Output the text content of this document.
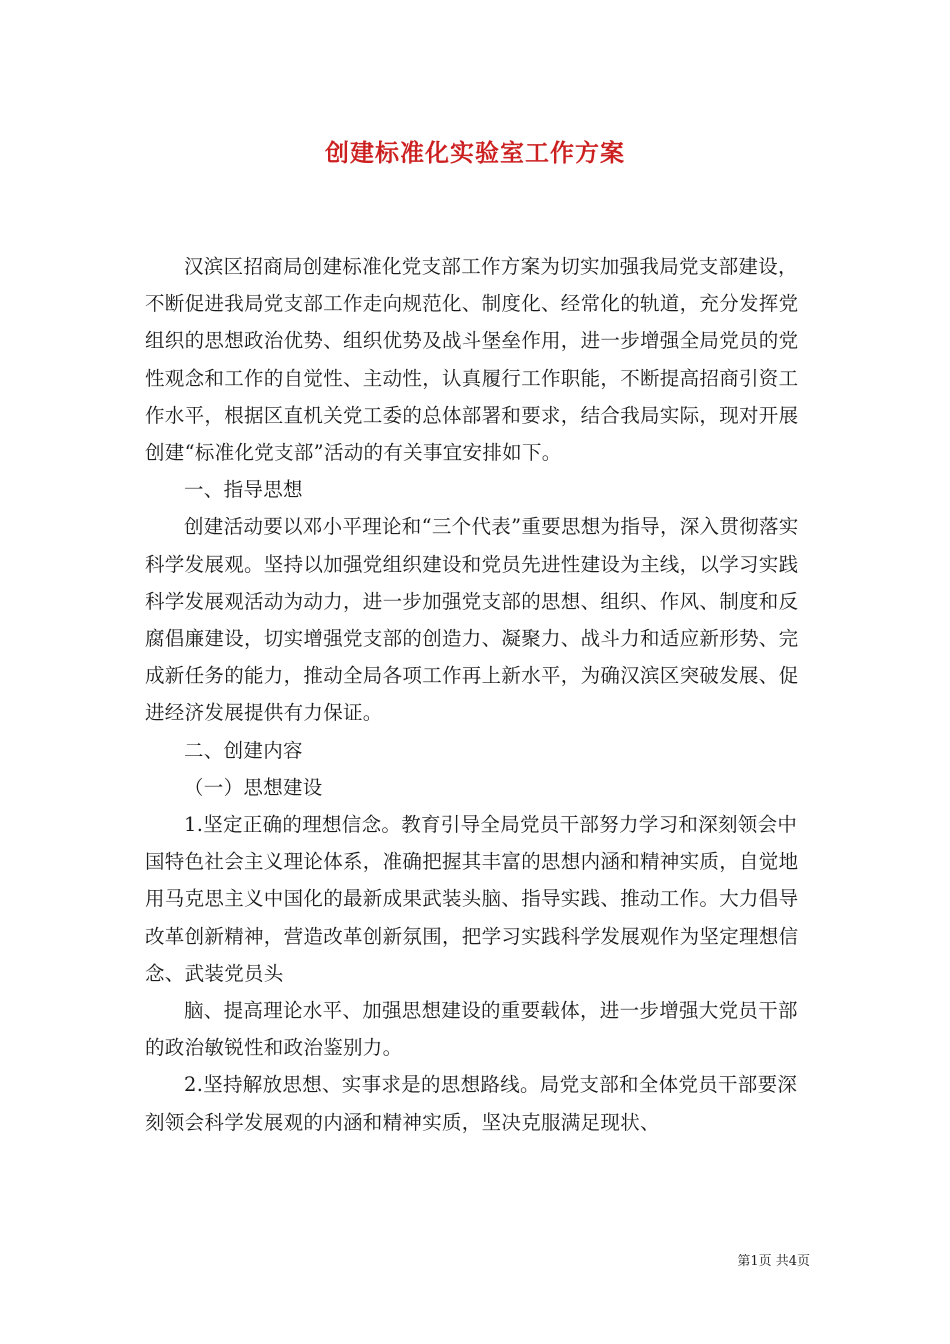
创建标准化实验室工作方案

汉滨区招商局创建标准化党支部工作方案为切实加强我局党支部建设，不断促进我局党支部工作走向规范化、制度化、经常化的轨道，充分发挥党组织的思想政治优势、组织优势及战斗堡垒作用，进一步增强全局党员的党性观念和工作的自觉性、主动性，认真履行工作职能，不断提高招商引资工作水平，根据区直机关党工委的总体部署和要求，结合我局实际，现对开展创建“标准化党支部”活动的有关事宜安排如下。

一、指导思想

创建活动要以邓小平理论和“三个代表”重要思想为指导，深入贯彻落实科学发展观。坚持以加强党组织建设和党员先进性建设为主线，以学习实践科学发展观活动为动力，进一步加强党支部的思想、组织、作风、制度和反腐倡廉建设，切实增强党支部的创造力、凝聚力、战斗力和适应新形势、完成新任务的能力，推动全局各项工作再上新水平，为确汉滨区突破发展、促进经济发展提供有力保证。

二、创建内容

（一）思想建设

1.坚定正确的理想信念。教育引导全局党员干部努力学习和深刻领会中国特色社会主义理论体系，准确把握其丰富的思想内涵和精神实质，自觉地用马克思主义中国化的最新成果武装头脑、指导实践、推动工作。大力倡导改革创新精神，营造改革创新氛围，把学习实践科学发展观作为坚定理想信念、武装党员头

脑、提高理论水平、加强思想建设的重要载体，进一步增强大党员干部的政治敏锐性和政治鉴别力。

2.坚持解放思想、实事求是的思想路线。局党支部和全体党员干部要深刻领会科学发展观的内涵和精神实质，坚决克服满足现状、

第1页 共4页
